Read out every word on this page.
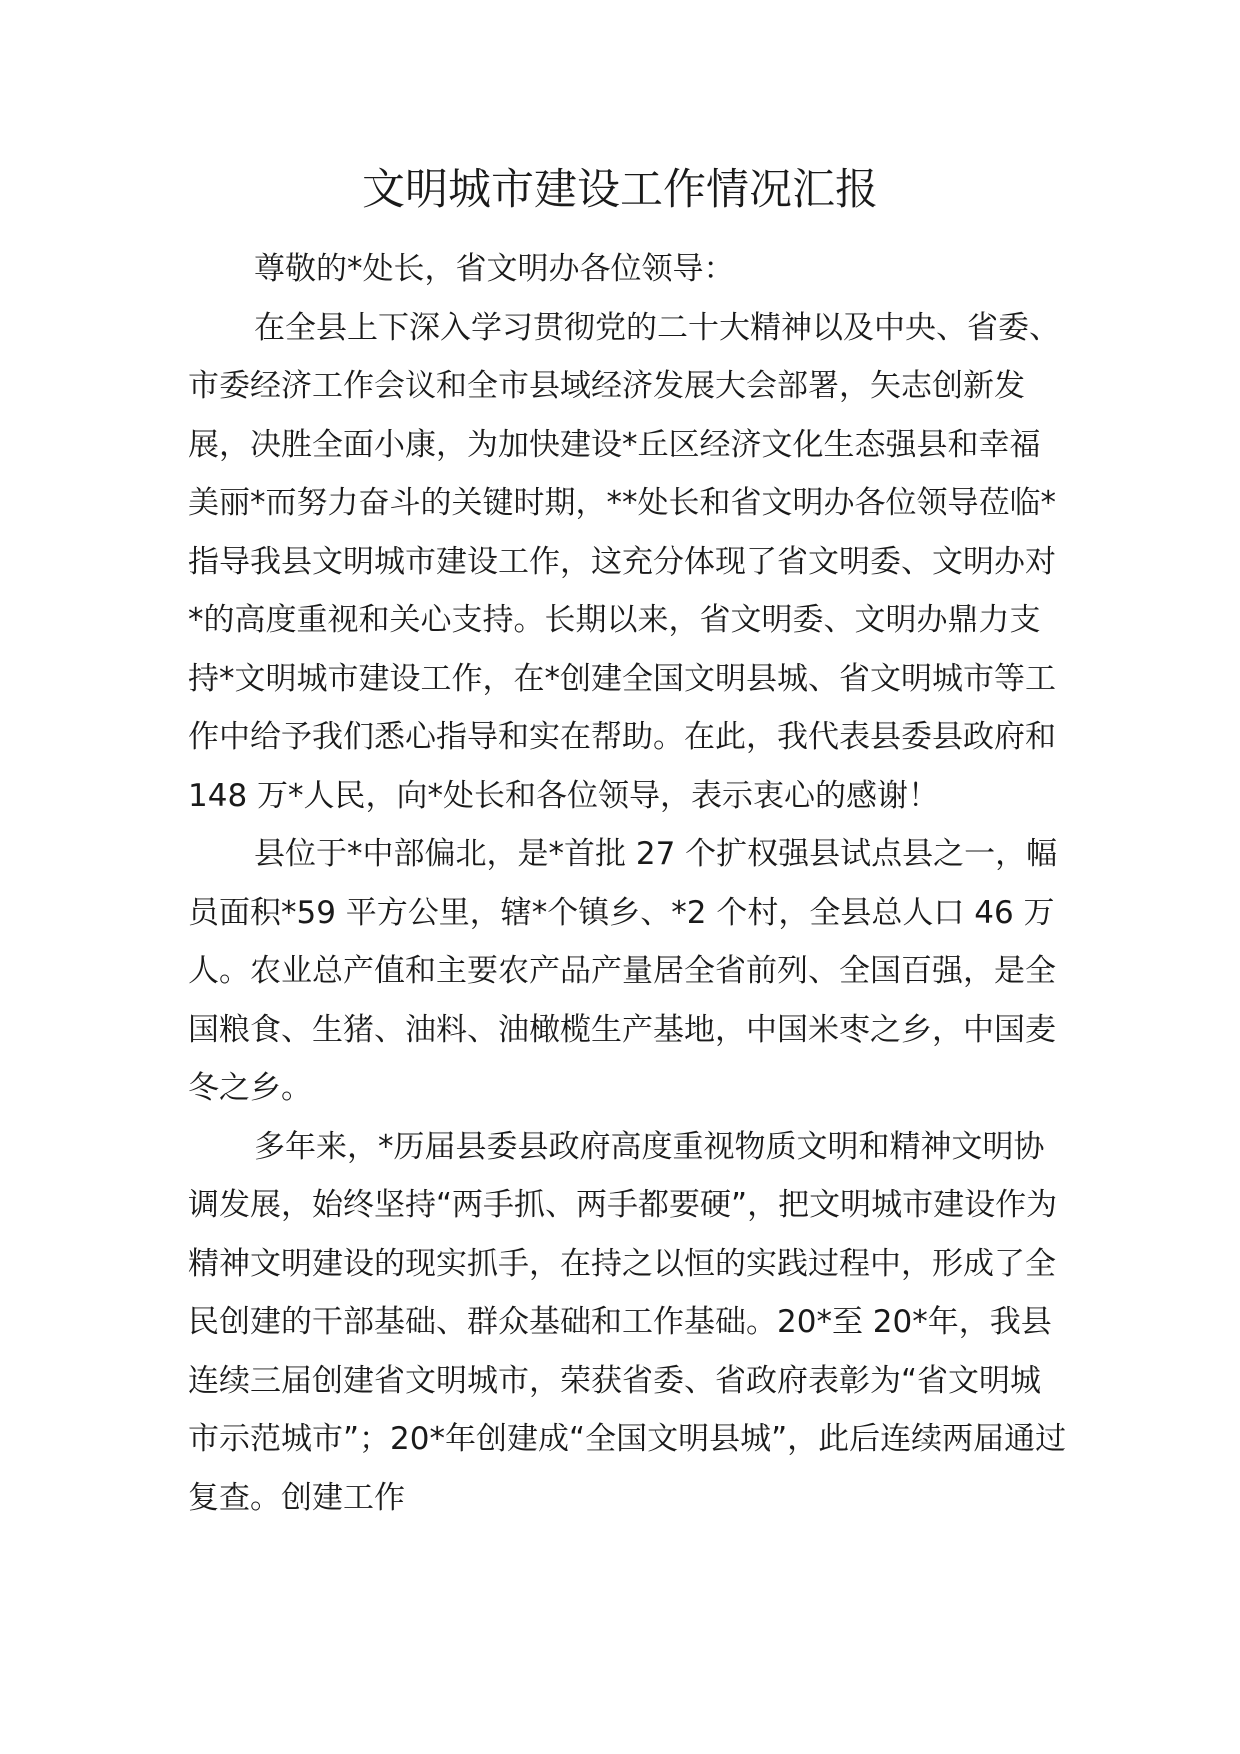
文明城市建设工作情况汇报

尊敬的*处长，省文明办各位领导：

在全县上下深入学习贯彻党的二十大精神以及中央、省委、市委经济工作会议和全市县域经济发展大会部署，矢志创新发展，决胜全面小康，为加快建设*丘区经济文化生态强县和幸福美丽*而努力奋斗的关键时期，**处长和省文明办各位领导莅临*指导我县文明城市建设工作，这充分体现了省文明委、文明办对*的高度重视和关心支持。长期以来，省文明委、文明办鼎力支持*文明城市建设工作，在*创建全国文明县城、省文明城市等工作中给予我们悉心指导和实在帮助。在此，我代表县委县政府和 148 万*人民，向*处长和各位领导，表示衷心的感谢！

县位于*中部偏北，是*首批 27 个扩权强县试点县之一，幅员面积*59 平方公里，辖*个镇乡、*2 个村，全县总人口 46 万人。农业总产值和主要农产品产量居全省前列、全国百强，是全国粮食、生猪、油料、油橄榄生产基地，中国米枣之乡，中国麦冬之乡。

多年来，*历届县委县政府高度重视物质文明和精神文明协调发展，始终坚持“两手抓、两手都要硬”，把文明城市建设作为精神文明建设的现实抓手，在持之以恒的实践过程中，形成了全民创建的干部基础、群众基础和工作基础。20*至 20*年，我县连续三届创建省文明城市，荣获省委、省政府表彰为“省文明城市示范城市”；20*年创建成“全国文明县城”，此后连续两届通过复查。创建工作
